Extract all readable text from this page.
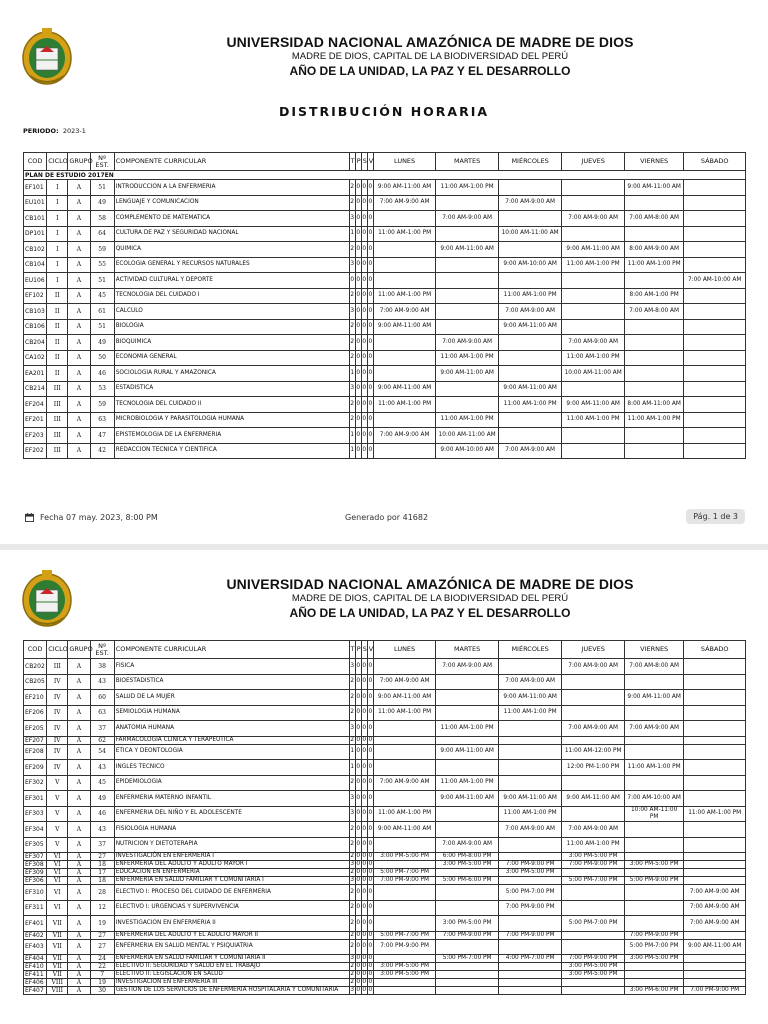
UNIVERSIDAD NACIONAL AMAZÓNICA DE MADRE DE DIOS
MADRE DE DIOS, CAPITAL DE LA BIODIVERSIDAD DEL PERÚ
AÑO DE LA UNIDAD, LA PAZ Y EL DESARROLLO
DISTRIBUCIÓN HORARIA
PERIODO: 2023-1
COD	CICLO	GRUPO	Nº
EST.	COMPONENTE CURRICULAR	T	P	S	V	LUNES	MARTES	MIÉRCOLES	JUEVES	VIERNES	SÁBADO
PLAN DE ESTUDIO 2017EN														
EF101	I	A	51	INTRODUCCION A LA ENFERMERIA	2	0	0	0	9:00 AM-11:00 AM	11:00 AM-1:00 PM			9:00 AM-11:00 AM	
EU101	I	A	49	LENGUAJE Y COMUNICACION	2	0	0	0	7:00 AM-9:00 AM		7:00 AM-9:00 AM			
CB101	I	A	58	COMPLEMENTO DE MATEMATICA	3	0	0	0		7:00 AM-9:00 AM		7:00 AM-9:00 AM	7:00 AM-8:00 AM	
DP101	I	A	64	CULTURA DE PAZ Y SEGURIDAD NACIONAL	1	0	0	0	11:00 AM-1:00 PM		10:00 AM-11:00 AM			
CB102	I	A	59	QUIMICA	2	0	0	0		9:00 AM-11:00 AM		9:00 AM-11:00 AM	8:00 AM-9:00 AM	
CB104	I	A	55	ECOLOGIA GENERAL Y RECURSOS NATURALES	3	0	0	0			9:00 AM-10:00 AM	11:00 AM-1:00 PM	11:00 AM-1:00 PM	
EU106	I	A	51	ACTIVIDAD CULTURAL Y DEPORTE	0	0	0	0						7:00 AM-10:00 AM
EF102	II	A	45	TECNOLOGIA DEL CUIDADO I	2	0	0	0	11:00 AM-1:00 PM		11:00 AM-1:00 PM		8:00 AM-1:00 PM	
CB103	II	A	61	CALCULO	3	0	0	0	7:00 AM-9:00 AM		7:00 AM-9:00 AM		7:00 AM-8:00 AM	
CB106	II	A	51	BIOLOGIA	2	0	0	0	9:00 AM-11:00 AM		9:00 AM-11:00 AM			
CB204	II	A	49	BIOQUIMICA	2	0	0	0		7:00 AM-9:00 AM		7:00 AM-9:00 AM		
CA102	II	A	50	ECONOMIA GENERAL	2	0	0	0		11:00 AM-1:00 PM		11:00 AM-1:00 PM		
EA201	II	A	46	SOCIOLOGIA RURAL Y AMAZONICA	1	0	0	0		9:00 AM-11:00 AM		10:00 AM-11:00 AM		
CB214	III	A	53	ESTADISTICA	3	0	0	0	9:00 AM-11:00 AM		9:00 AM-11:00 AM			
EF204	III	A	59	TECNOLOGIA DEL CUIDADO II	2	0	0	0	11:00 AM-1:00 PM		11:00 AM-1:00 PM	9:00 AM-11:00 AM	8:00 AM-11:00 AM	
EF201	III	A	63	MICROBIOLOGIA Y PARASITOLOGIA HUMANA	2	0	0	0		11:00 AM-1:00 PM		11:00 AM-1:00 PM	11:00 AM-1:00 PM	
EF203	III	A	47	EPISTEMOLOGIA DE LA ENFERMERIA	1	0	0	0	7:00 AM-9:00 AM	10:00 AM-11:00 AM				
EF202	III	A	42	REDACCION TECNICA Y CIENTIFICA	1	0	0	0		9:00 AM-10:00 AM	7:00 AM-9:00 AM			
Fecha 07 may. 2023, 8:00 PM	Generado por 41682	Pág. 1 de 3
UNIVERSIDAD NACIONAL AMAZÓNICA DE MADRE DE DIOS
MADRE DE DIOS, CAPITAL DE LA BIODIVERSIDAD DEL PERÚ
AÑO DE LA UNIDAD, LA PAZ Y EL DESARROLLO
COD	CICLO	GRUPO	Nº
EST.	COMPONENTE CURRICULAR	T	P	S	V	LUNES	MARTES	MIÉRCOLES	JUEVES	VIERNES	SÁBADO
CB202	III	A	38	FISICA	3	0	0	0		7:00 AM-9:00 AM		7:00 AM-9:00 AM	7:00 AM-8:00 AM	
CB205	IV	A	43	BIOESTADISTICA	2	0	0	0	7:00 AM-9:00 AM		7:00 AM-9:00 AM			
EF210	IV	A	60	SALUD DE LA MUJER	2	0	0	0	9:00 AM-11:00 AM		9:00 AM-11:00 AM		9:00 AM-11:00 AM	
EF206	IV	A	63	SEMIOLOGIA HUMANA	2	0	0	0	11:00 AM-1:00 PM		11:00 AM-1:00 PM			
EF205	IV	A	37	ANATOMIA HUMANA	3	0	0	0		11:00 AM-1:00 PM		7:00 AM-9:00 AM	7:00 AM-9:00 AM	
EF207	IV	A	62	FARMACOLOGIA CLINICA Y TERAPEUTICA	2	0	0	0						
EF208	IV	A	54	ETICA Y DEONTOLOGIA	1	0	0	0		9:00 AM-11:00 AM		11:00 AM-12:00 PM		
EF209	IV	A	43	INGLES TECNICO	1	0	0	0				12:00 PM-1:00 PM	11:00 AM-1:00 PM	
EF302	V	A	45	EPIDEMIOLOGIA	2	0	0	0	7:00 AM-9:00 AM	11:00 AM-1:00 PM				
EF301	V	A	49	ENFERMERIA MATERNO INFANTIL	3	0	0	0		9:00 AM-11:00 AM	9:00 AM-11:00 AM	9:00 AM-11:00 AM	7:00 AM-10:00 AM	
EF303	V	A	46	ENFERMERIA DEL NIÑO Y EL ADOLESCENTE	3	0	0	0	11:00 AM-1:00 PM		11:00 AM-1:00 PM		10:00 AM-11:00 PM	11:00 AM-1:00 PM
EF304	V	A	43	FISIOLOGIA HUMANA	2	0	0	0	9:00 AM-11:00 AM		7:00 AM-9:00 AM	7:00 AM-9:00 AM		
EF305	V	A	37	NUTRICION Y DIETOTERAPIA	2	0	0	0		7:00 AM-9:00 AM		11:00 AM-1:00 PM		
EF307	VI	A	27	INVESTIGACIÓN EN ENFERMERIA I	2	0	0	0	3:00 PM-5:00 PM	6:00 PM-8:00 PM		3:00 PM-5:00 PM		
EF308	VI	A	18	ENFERMERIA DEL ADULTO Y ADULTO MAYOR I	3	0	0	0		3:00 PM-5:00 PM	7:00 PM-9:00 PM	7:00 PM-9:00 PM	3:00 PM-5:00 PM	
EF309	VI	A	17	EDUCACION EN ENFERMERIA	2	0	0	0	5:00 PM-7:00 PM		3:00 PM-5:00 PM			
EF306	VI	A	18	ENFERMERIA EN SALUD FAMILIAR Y COMUNITARIA I	3	0	0	0	7:00 PM-9:00 PM	5:00 PM-6:00 PM		5:00 PM-7:00 PM	5:00 PM-9:00 PM	
EF310	VI	A	28	ELECTIVO I: PROCESO DEL CUIDADO DE ENFERMERIA	2	0	0	0			5:00 PM-7:00 PM			7:00 AM-9:00 AM
EF311	VI	A	12	ELECTIVO I: URGENCIAS Y SUPERVIVENCIA	2	0	0	0			7:00 PM-9:00 PM			7:00 AM-9:00 AM
EF401	VII	A	19	INVESTIGACION EN ENFERMERIA II	2	0	0	0		3:00 PM-5:00 PM		5:00 PM-7:00 PM		7:00 AM-9:00 AM
EF402	VII	A	27	ENFERMERIA DEL ADULTO Y EL ADULTO MAYOR II	2	0	0	0	5:00 PM-7:00 PM	7:00 PM-9:00 PM	7:00 PM-9:00 PM		7:00 PM-9:00 PM	
EF403	VII	A	27	ENFERMERIA EN SALUD MENTAL Y PSIQUIATRIA	2	0	0	0	7:00 PM-9:00 PM				5:00 PM-7:00 PM	9:00 AM-11:00 AM
EF404	VII	A	24	ENFERMERIA EN SALUD FAMILIAR Y COMUNITARIA II	3	0	0	0		5:00 PM-7:00 PM	4:00 PM-7:00 PM	7:00 PM-9:00 PM	3:00 PM-5:00 PM	
EF410	VII	A	22	ELECTIVO II: SEGURIDAD Y SALUD EN EL TRABAJO	2	0	0	0	3:00 PM-5:00 PM			3:00 PM-5:00 PM		
EF411	VII	A	7	ELECTIVO II: LEGISLACION EN SALUD	2	0	0	0	3:00 PM-5:00 PM			3:00 PM-5:00 PM		
EF406	VIII	A	19	INVESTIGACION EN ENFERMERIA III	2	0	0	0						
EF407	VIII	A	30	GESTION DE LOS SERVICIOS DE ENFERMERIA HOSPITALARIA Y COMUNITARIA	3	0	0	0					3:00 PM-6:00 PM	7:00 PM-9:00 PM
